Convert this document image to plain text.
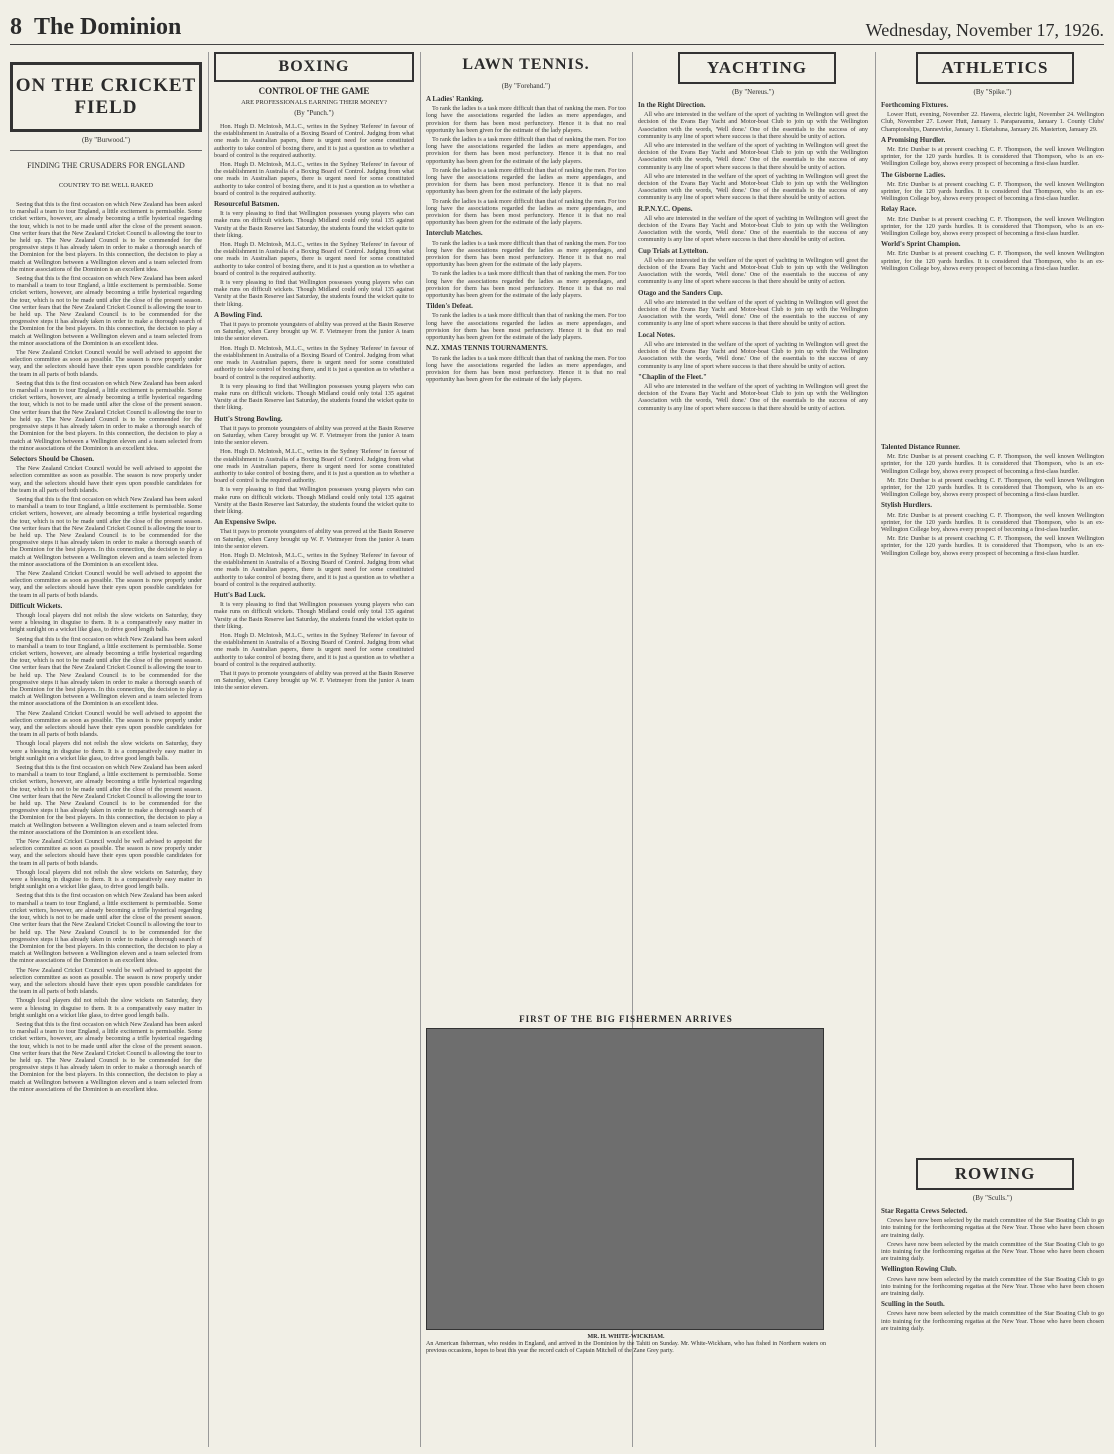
8 The Dominion	Wednesday, November 17, 1926.
ON THE CRICKET FIELD
(By "Burwood.")
FINDING THE CRUSADERS FOR ENGLAND
COUNTRY TO BE WELL RAKED

Seeing that this is the first occasion on which New Zealand has been asked to marshall a team to tour England, a little excitement is permissible. Some cricket writers, however, are already becoming a trifle hysterical regarding the tour, which is not to be made until after the close of the present season. One writer fears that the New Zealand Cricket Council is allowing the tour to be held up. The New Zealand Council is to be commended for the progressive steps it has already taken in order to make a thorough search of the Dominion for the best players. In this connection, the decision to play a match at Wellington between a Wellington eleven and a team selected from the minor associations of the Dominion is an excellent idea.

Seeing that this is the first occasion on which New Zealand has been asked to marshall a team to tour England, a little excitement is permissible. Some cricket writers, however, are already becoming a trifle hysterical regarding the tour, which is not to be made until after the close of the present season. One writer fears that the New Zealand Cricket Council is allowing the tour to be held up. The New Zealand Council is to be commended for the progressive steps it has already taken in order to make a thorough search of the Dominion for the best players. In this connection, the decision to play a match at Wellington between a Wellington eleven and a team selected from the minor associations of the Dominion is an excellent idea.

The New Zealand Cricket Council would be well advised to appoint the selection committee as soon as possible. The season is now properly under way, and the selectors should have their eyes upon possible candidates for the team in all parts of both islands.

Seeing that this is the first occasion on which New Zealand has been asked to marshall a team to tour England, a little excitement is permissible. Some cricket writers, however, are already becoming a trifle hysterical regarding the tour, which is not to be made until after the close of the present season. One writer fears that the New Zealand Cricket Council is allowing the tour to be held up. The New Zealand Council is to be commended for the progressive steps it has already taken in order to make a thorough search of the Dominion for the best players. In this connection, the decision to play a match at Wellington between a Wellington eleven and a team selected from the minor associations of the Dominion is an excellent idea.

Selectors Should be Chosen.

The New Zealand Cricket Council would be well advised to appoint the selection committee as soon as possible. The season is now properly under way, and the selectors should have their eyes upon possible candidates for the team in all parts of both islands.

Seeing that this is the first occasion on which New Zealand has been asked to marshall a team to tour England, a little excitement is permissible. Some cricket writers, however, are already becoming a trifle hysterical regarding the tour, which is not to be made until after the close of the present season. One writer fears that the New Zealand Cricket Council is allowing the tour to be held up. The New Zealand Council is to be commended for the progressive steps it has already taken in order to make a thorough search of the Dominion for the best players. In this connection, the decision to play a match at Wellington between a Wellington eleven and a team selected from the minor associations of the Dominion is an excellent idea.

The New Zealand Cricket Council would be well advised to appoint the selection committee as soon as possible. The season is now properly under way, and the selectors should have their eyes upon possible candidates for the team in all parts of both islands.

Difficult Wickets.

Though local players did not relish the slow wickets on Saturday, they were a blessing in disguise to them. It is a comparatively easy matter in bright sunlight on a wicket like glass, to drive good length balls.

Seeing that this is the first occasion on which New Zealand has been asked to marshall a team to tour England, a little excitement is permissible. Some cricket writers, however, are already becoming a trifle hysterical regarding the tour, which is not to be made until after the close of the present season. One writer fears that the New Zealand Cricket Council is allowing the tour to be held up. The New Zealand Council is to be commended for the progressive steps it has already taken in order to make a thorough search of the Dominion for the best players. In this connection, the decision to play a match at Wellington between a Wellington eleven and a team selected from the minor associations of the Dominion is an excellent idea.

The New Zealand Cricket Council would be well advised to appoint the selection committee as soon as possible. The season is now properly under way, and the selectors should have their eyes upon possible candidates for the team in all parts of both islands.

Though local players did not relish the slow wickets on Saturday, they were a blessing in disguise to them. It is a comparatively easy matter in bright sunlight on a wicket like glass, to drive good length balls.

Seeing that this is the first occasion on which New Zealand has been asked to marshall a team to tour England, a little excitement is permissible. Some cricket writers, however, are already becoming a trifle hysterical regarding the tour, which is not to be made until after the close of the present season. One writer fears that the New Zealand Cricket Council is allowing the tour to be held up. The New Zealand Council is to be commended for the progressive steps it has already taken in order to make a thorough search of the Dominion for the best players. In this connection, the decision to play a match at Wellington between a Wellington eleven and a team selected from the minor associations of the Dominion is an excellent idea.

The New Zealand Cricket Council would be well advised to appoint the selection committee as soon as possible. The season is now properly under way, and the selectors should have their eyes upon possible candidates for the team in all parts of both islands.

Though local players did not relish the slow wickets on Saturday, they were a blessing in disguise to them. It is a comparatively easy matter in bright sunlight on a wicket like glass, to drive good length balls.

Seeing that this is the first occasion on which New Zealand has been asked to marshall a team to tour England, a little excitement is permissible. Some cricket writers, however, are already becoming a trifle hysterical regarding the tour, which is not to be made until after the close of the present season. One writer fears that the New Zealand Cricket Council is allowing the tour to be held up. The New Zealand Council is to be commended for the progressive steps it has already taken in order to make a thorough search of the Dominion for the best players. In this connection, the decision to play a match at Wellington between a Wellington eleven and a team selected from the minor associations of the Dominion is an excellent idea.

The New Zealand Cricket Council would be well advised to appoint the selection committee as soon as possible. The season is now properly under way, and the selectors should have their eyes upon possible candidates for the team in all parts of both islands.

Though local players did not relish the slow wickets on Saturday, they were a blessing in disguise to them. It is a comparatively easy matter in bright sunlight on a wicket like glass, to drive good length balls.

Seeing that this is the first occasion on which New Zealand has been asked to marshall a team to tour England, a little excitement is permissible. Some cricket writers, however, are already becoming a trifle hysterical regarding the tour, which is not to be made until after the close of the present season. One writer fears that the New Zealand Cricket Council is allowing the tour to be held up. The New Zealand Council is to be commended for the progressive steps it has already taken in order to make a thorough search of the Dominion for the best players. In this connection, the decision to play a match at Wellington between a Wellington eleven and a team selected from the minor associations of the Dominion is an excellent idea.

BOXING
CONTROL OF THE GAME
ARE PROFESSIONALS EARNING THEIR MONEY?
(By "Punch.")

Hon. Hugh D. McIntosh, M.L.C., writes in the Sydney 'Referee' in favour of the establishment in Australia of a Boxing Board of Control. Judging from what one reads in Australian papers, there is urgent need for some constituted authority to take control of boxing there, and it is just a question as to whether a board of control is the required authority.

Hon. Hugh D. McIntosh, M.L.C., writes in the Sydney 'Referee' in favour of the establishment in Australia of a Boxing Board of Control. Judging from what one reads in Australian papers, there is urgent need for some constituted authority to take control of boxing there, and it is just a question as to whether a board of control is the required authority.

Resourceful Batsmen.

It is very pleasing to find that Wellington possesses young players who can make runs on difficult wickets. Though Midland could only total 135 against Varsity at the Basin Reserve last Saturday, the students found the wicket quite to their liking.

Hon. Hugh D. McIntosh, M.L.C., writes in the Sydney 'Referee' in favour of the establishment in Australia of a Boxing Board of Control. Judging from what one reads in Australian papers, there is urgent need for some constituted authority to take control of boxing there, and it is just a question as to whether a board of control is the required authority.

It is very pleasing to find that Wellington possesses young players who can make runs on difficult wickets. Though Midland could only total 135 against Varsity at the Basin Reserve last Saturday, the students found the wicket quite to their liking.

A Bowling Find.

That it pays to promote youngsters of ability was proved at the Basin Reserve on Saturday, when Carey brought up W. F. Vietmeyer from the junior A team into the senior eleven.

Hon. Hugh D. McIntosh, M.L.C., writes in the Sydney 'Referee' in favour of the establishment in Australia of a Boxing Board of Control. Judging from what one reads in Australian papers, there is urgent need for some constituted authority to take control of boxing there, and it is just a question as to whether a board of control is the required authority.

It is very pleasing to find that Wellington possesses young players who can make runs on difficult wickets. Though Midland could only total 135 against Varsity at the Basin Reserve last Saturday, the students found the wicket quite to their liking.

Hutt's Strong Bowling.

That it pays to promote youngsters of ability was proved at the Basin Reserve on Saturday, when Carey brought up W. F. Vietmeyer from the junior A team into the senior eleven.

Hon. Hugh D. McIntosh, M.L.C., writes in the Sydney 'Referee' in favour of the establishment in Australia of a Boxing Board of Control. Judging from what one reads in Australian papers, there is urgent need for some constituted authority to take control of boxing there, and it is just a question as to whether a board of control is the required authority.

It is very pleasing to find that Wellington possesses young players who can make runs on difficult wickets. Though Midland could only total 135 against Varsity at the Basin Reserve last Saturday, the students found the wicket quite to their liking.

An Expensive Swipe.

That it pays to promote youngsters of ability was proved at the Basin Reserve on Saturday, when Carey brought up W. F. Vietmeyer from the junior A team into the senior eleven.

Hon. Hugh D. McIntosh, M.L.C., writes in the Sydney 'Referee' in favour of the establishment in Australia of a Boxing Board of Control. Judging from what one reads in Australian papers, there is urgent need for some constituted authority to take control of boxing there, and it is just a question as to whether a board of control is the required authority.

Hutt's Bad Luck.

It is very pleasing to find that Wellington possesses young players who can make runs on difficult wickets. Though Midland could only total 135 against Varsity at the Basin Reserve last Saturday, the students found the wicket quite to their liking.

Hon. Hugh D. McIntosh, M.L.C., writes in the Sydney 'Referee' in favour of the establishment in Australia of a Boxing Board of Control. Judging from what one reads in Australian papers, there is urgent need for some constituted authority to take control of boxing there, and it is just a question as to whether a board of control is the required authority.

That it pays to promote youngsters of ability was proved at the Basin Reserve on Saturday, when Carey brought up W. F. Vietmeyer from the junior A team into the senior eleven.

LAWN TENNIS.
(By "Forehand.")

A Ladies' Ranking.

To rank the ladies is a task more difficult than that of ranking the men. For too long have the associations regarded the ladies as mere appendages, and provision for them has been most perfunctory. Hence it is that no real opportunity has been given for the estimate of the lady players.

To rank the ladies is a task more difficult than that of ranking the men. For too long have the associations regarded the ladies as mere appendages, and provision for them has been most perfunctory. Hence it is that no real opportunity has been given for the estimate of the lady players.

To rank the ladies is a task more difficult than that of ranking the men. For too long have the associations regarded the ladies as mere appendages, and provision for them has been most perfunctory. Hence it is that no real opportunity has been given for the estimate of the lady players.

To rank the ladies is a task more difficult than that of ranking the men. For too long have the associations regarded the ladies as mere appendages, and provision for them has been most perfunctory. Hence it is that no real opportunity has been given for the estimate of the lady players.

Interclub Matches.

To rank the ladies is a task more difficult than that of ranking the men. For too long have the associations regarded the ladies as mere appendages, and provision for them has been most perfunctory. Hence it is that no real opportunity has been given for the estimate of the lady players.

To rank the ladies is a task more difficult than that of ranking the men. For too long have the associations regarded the ladies as mere appendages, and provision for them has been most perfunctory. Hence it is that no real opportunity has been given for the estimate of the lady players.

Tilden's Defeat.

To rank the ladies is a task more difficult than that of ranking the men. For too long have the associations regarded the ladies as mere appendages, and provision for them has been most perfunctory. Hence it is that no real opportunity has been given for the estimate of the lady players.

N.Z. XMAS TENNIS TOURNAMENTS.

To rank the ladies is a task more difficult than that of ranking the men. For too long have the associations regarded the ladies as mere appendages, and provision for them has been most perfunctory. Hence it is that no real opportunity has been given for the estimate of the lady players.

FIRST OF THE BIG FISHERMEN ARRIVES
MR. H. WHITE-WICKHAM.
An American fisherman, who resides in England, and arrived in the Dominion by the Tahiti on Sunday. Mr. White-Wickham, who has fished in Northern waters on previous occasions, hopes to beat this year the record catch of Captain Mitchell of the Zane Grey party.
YACHTING
(By "Nereus.")

In the Right Direction.

All who are interested in the welfare of the sport of yachting in Wellington will greet the decision of the Evans Bay Yacht and Motor-boat Club to join up with the Wellington Association with the words, 'Well done.' One of the essentials to the success of any community is any line of sport where success is that there should be unity of action.

All who are interested in the welfare of the sport of yachting in Wellington will greet the decision of the Evans Bay Yacht and Motor-boat Club to join up with the Wellington Association with the words, 'Well done.' One of the essentials to the success of any community is any line of sport where success is that there should be unity of action.

All who are interested in the welfare of the sport of yachting in Wellington will greet the decision of the Evans Bay Yacht and Motor-boat Club to join up with the Wellington Association with the words, 'Well done.' One of the essentials to the success of any community is any line of sport where success is that there should be unity of action.

R.P.N.Y.C. Opens.

All who are interested in the welfare of the sport of yachting in Wellington will greet the decision of the Evans Bay Yacht and Motor-boat Club to join up with the Wellington Association with the words, 'Well done.' One of the essentials to the success of any community is any line of sport where success is that there should be unity of action.

Cup Trials at Lyttelton.

All who are interested in the welfare of the sport of yachting in Wellington will greet the decision of the Evans Bay Yacht and Motor-boat Club to join up with the Wellington Association with the words, 'Well done.' One of the essentials to the success of any community is any line of sport where success is that there should be unity of action.

Otago and the Sanders Cup.

All who are interested in the welfare of the sport of yachting in Wellington will greet the decision of the Evans Bay Yacht and Motor-boat Club to join up with the Wellington Association with the words, 'Well done.' One of the essentials to the success of any community is any line of sport where success is that there should be unity of action.

Local Notes.

All who are interested in the welfare of the sport of yachting in Wellington will greet the decision of the Evans Bay Yacht and Motor-boat Club to join up with the Wellington Association with the words, 'Well done.' One of the essentials to the success of any community is any line of sport where success is that there should be unity of action.

"Chaplin of the Fleet."

All who are interested in the welfare of the sport of yachting in Wellington will greet the decision of the Evans Bay Yacht and Motor-boat Club to join up with the Wellington Association with the words, 'Well done.' One of the essentials to the success of any community is any line of sport where success is that there should be unity of action.

ATHLETICS
(By "Spike.")

Forthcoming Fixtures.

Lower Hutt, evening, November 22. Hawera, electric light, November 24. Wellington Club, November 27. Lower Hutt, January 1. Paraparaumu, January 1. County Clubs' Championships, Dannevirke, January 1. Eketahuna, January 26. Masterton, January 29.

A Promising Hurdler.

Mr. Eric Dunbar is at present coaching C. F. Thompson, the well known Wellington sprinter, for the 120 yards hurdles. It is considered that Thompson, who is an ex-Wellington College boy, shows every prospect of becoming a first-class hurdler.

The Gisborne Ladies.

Mr. Eric Dunbar is at present coaching C. F. Thompson, the well known Wellington sprinter, for the 120 yards hurdles. It is considered that Thompson, who is an ex-Wellington College boy, shows every prospect of becoming a first-class hurdler.

Relay Race.

Mr. Eric Dunbar is at present coaching C. F. Thompson, the well known Wellington sprinter, for the 120 yards hurdles. It is considered that Thompson, who is an ex-Wellington College boy, shows every prospect of becoming a first-class hurdler.

World's Sprint Champion.

Mr. Eric Dunbar is at present coaching C. F. Thompson, the well known Wellington sprinter, for the 120 yards hurdles. It is considered that Thompson, who is an ex-Wellington College boy, shows every prospect of becoming a first-class hurdler.

Talented Distance Runner.

Mr. Eric Dunbar is at present coaching C. F. Thompson, the well known Wellington sprinter, for the 120 yards hurdles. It is considered that Thompson, who is an ex-Wellington College boy, shows every prospect of becoming a first-class hurdler.

Mr. Eric Dunbar is at present coaching C. F. Thompson, the well known Wellington sprinter, for the 120 yards hurdles. It is considered that Thompson, who is an ex-Wellington College boy, shows every prospect of becoming a first-class hurdler.

Stylish Hurdlers.

Mr. Eric Dunbar is at present coaching C. F. Thompson, the well known Wellington sprinter, for the 120 yards hurdles. It is considered that Thompson, who is an ex-Wellington College boy, shows every prospect of becoming a first-class hurdler.

Mr. Eric Dunbar is at present coaching C. F. Thompson, the well known Wellington sprinter, for the 120 yards hurdles. It is considered that Thompson, who is an ex-Wellington College boy, shows every prospect of becoming a first-class hurdler.

ROWING
(By "Sculls.")

Star Regatta Crews Selected.

Crews have now been selected by the match committee of the Star Boating Club to go into training for the forthcoming regattas at the New Year. Those who have been chosen are training daily.

Crews have now been selected by the match committee of the Star Boating Club to go into training for the forthcoming regattas at the New Year. Those who have been chosen are training daily.

Wellington Rowing Club.

Crews have now been selected by the match committee of the Star Boating Club to go into training for the forthcoming regattas at the New Year. Those who have been chosen are training daily.

Sculling in the South.

Crews have now been selected by the match committee of the Star Boating Club to go into training for the forthcoming regattas at the New Year. Those who have been chosen are training daily.
